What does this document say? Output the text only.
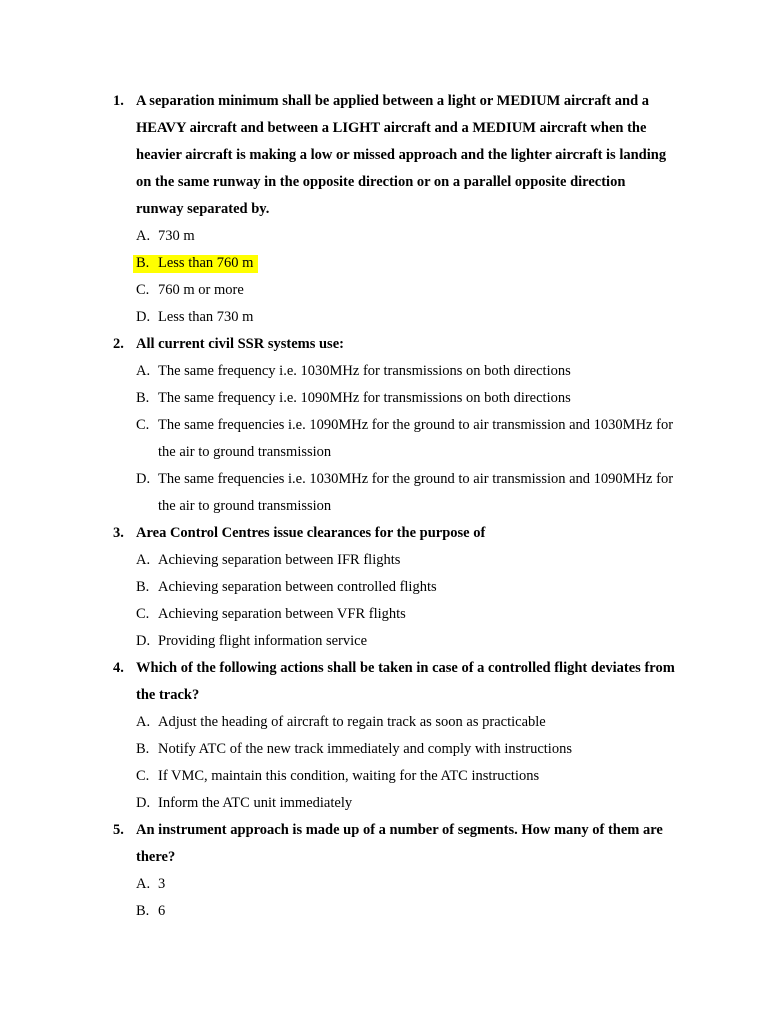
1. A separation minimum shall be applied between a light or MEDIUM aircraft and a HEAVY aircraft and between a LIGHT aircraft and a MEDIUM aircraft when the heavier aircraft is making a low or missed approach and the lighter aircraft is landing on the same runway in the opposite direction or on a parallel opposite direction runway separated by.
A. 730 m
B. Less than 760 m
C. 760 m or more
D. Less than 730 m
2. All current civil SSR systems use:
A. The same frequency i.e. 1030MHz for transmissions on both directions
B. The same frequency i.e. 1090MHz for transmissions on both directions
C. The same frequencies i.e. 1090MHz for the ground to air transmission and 1030MHz for the air to ground transmission
D. The same frequencies i.e. 1030MHz for the ground to air transmission and 1090MHz for the air to ground transmission
3. Area Control Centres issue clearances for the purpose of
A. Achieving separation between IFR flights
B. Achieving separation between controlled flights
C. Achieving separation between VFR flights
D. Providing flight information service
4. Which of the following actions shall be taken in case of a controlled flight deviates from the track?
A. Adjust the heading of aircraft to regain track as soon as practicable
B. Notify ATC of the new track immediately and comply with instructions
C. If VMC, maintain this condition, waiting for the ATC instructions
D. Inform the ATC unit immediately
5. An instrument approach is made up of a number of segments. How many of them are there?
A. 3
B. 6
